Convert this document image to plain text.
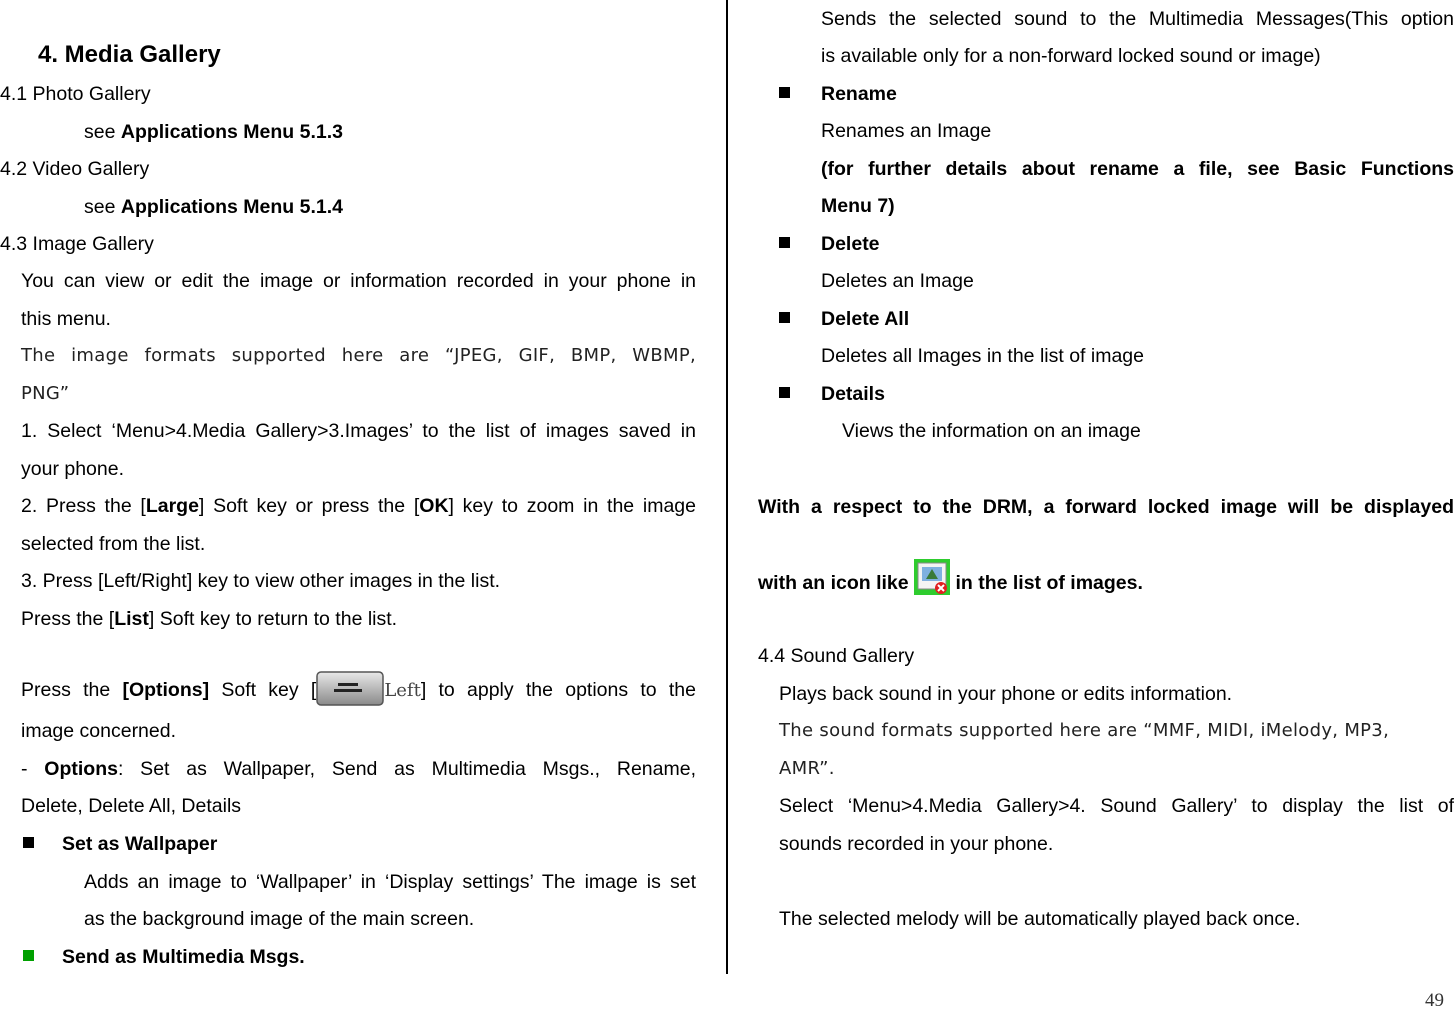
4. Media Gallery
4.1 Photo Gallery
see Applications Menu 5.1.3
4.2 Video Gallery
see Applications Menu 5.1.4
4.3 Image Gallery
You can view or edit the image or information recorded in your phone in
this menu.
The image formats supported here are “JPEG, GIF, BMP, WBMP,
PNG”
1. Select ‘Menu>4.Media Gallery>3.Images’ to the list of images saved in
your phone.
2. Press the [Large] Soft key or press the [OK] key to zoom in the image
selected from the list.
3. Press [Left/Right] key to view other images in the list.
Press the [List] Soft key to return to the list.
Press the [Options] Soft key [	Left] to apply the options to the
image concerned.
- Options: Set as Wallpaper, Send as Multimedia Msgs., Rename,
Delete, Delete All, Details
Set as Wallpaper
Adds an image to ‘Wallpaper’ in ‘Display settings’ The image is set
as the background image of the main screen.
Send as Multimedia Msgs.
Sends the selected sound to the Multimedia Messages(This option
is available only for a non-forward locked sound or image)
Rename
Renames an Image
(for further details about rename a file, see Basic Functions
Menu 7)
Delete
Deletes an Image
Delete All
Deletes all Images in the list of image
Details
Views the information on an image
With a respect to the DRM, a forward locked image will be displayed
with an icon like  in the list of images.
4.4 Sound Gallery
Plays back sound in your phone or edits information.
The sound formats supported here are “MMF, MIDI, iMelody, MP3,
AMR”.
Select ‘Menu>4.Media Gallery>4. Sound Gallery’ to display the list of
sounds recorded in your phone.
The selected melody will be automatically played back once.
49
